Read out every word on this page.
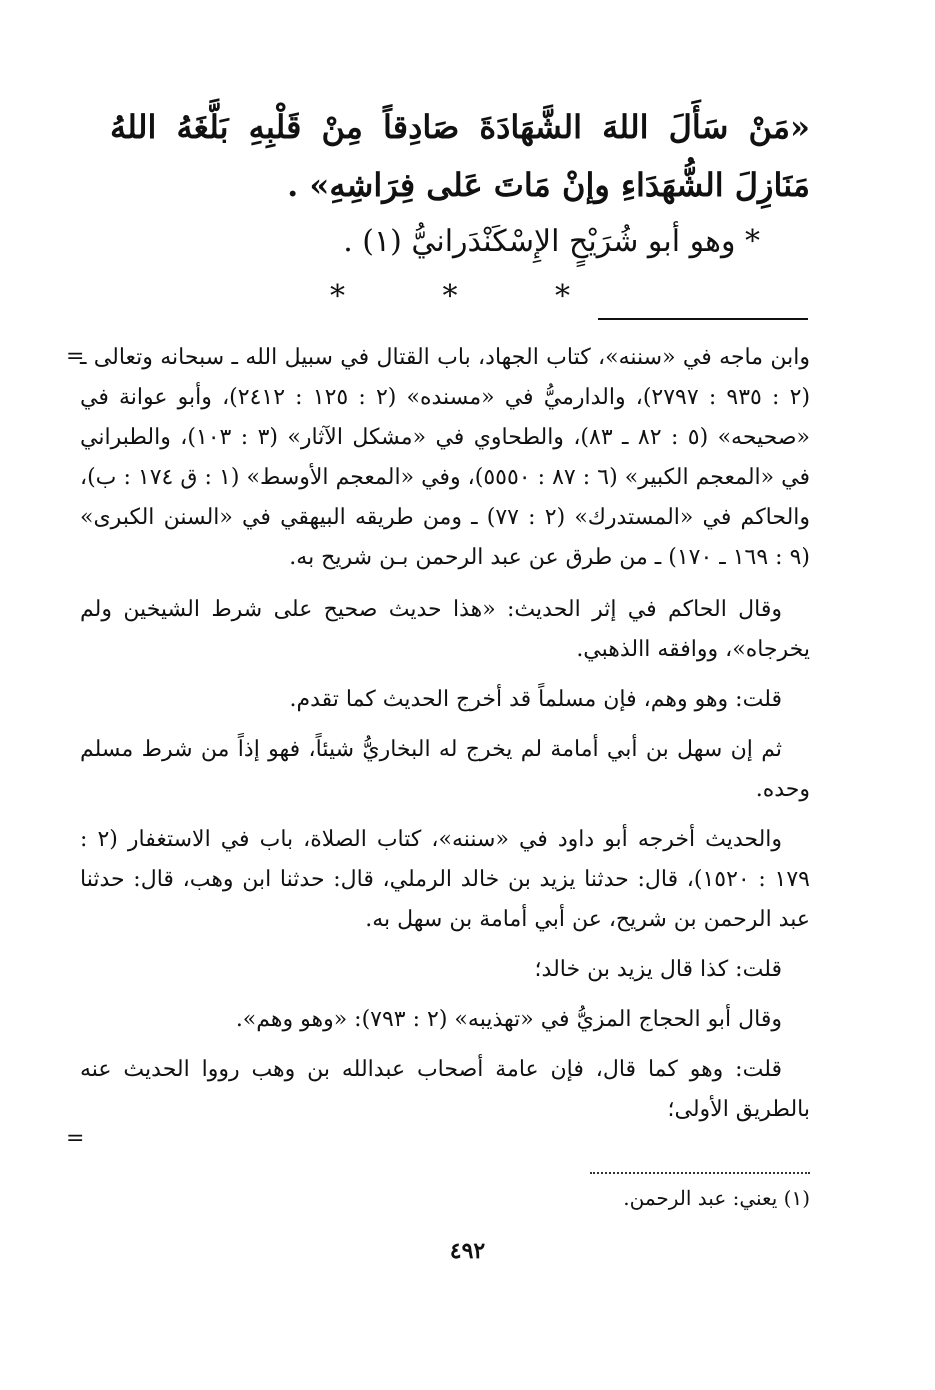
«مَنْ سَأَلَ اللهَ الشَّهَادَةَ صَادِقاً مِنْ قَلْبِهِ بَلَّغَهُ اللهُ مَنَازِلَ الشُّهَدَاءِ وإنْ مَاتَ عَلى فِرَاشِهِ» .
* وهو أبو شُرَيْحٍ الإِسْكَنْدَرانيُّ (١) .
*	*	*
=

وابن ماجه في «سننه»، كتاب الجهاد، باب القتال في سبيل الله ـ سبحانه وتعالى ـ (٢ : ٩٣٥ : ٢٧٩٧)، والدارميُّ في «مسنده» (٢ : ١٢٥ : ٢٤١٢)، وأبو عوانة في «صحيحه» (٥ : ٨٢ ـ ٨٣)، والطحاوي في «مشكل الآثار» (٣ : ١٠٣)، والطبراني في «المعجم الكبير» (٦ : ٨٧ : ٥٥٥٠)، وفي «المعجم الأوسط» (١ : ق ١٧٤ : ب)، والحاكم في «المستدرك» (٢ : ٧٧) ـ ومن طريقه البيهقي في «السنن الكبرى» (٩ : ١٦٩ ـ ١٧٠) ـ من طرق عن عبد الرحمن بـن شريح به.

وقال الحاكم في إثر الحديث: «هذا حديث صحيح على شرط الشيخين ولم يخرجاه»، ووافقه االذهبي.

قلت: وهو وهم، فإن مسلماً قد أخرج الحديث كما تقدم.

ثم إن سهل بن أبي أمامة لم يخرج له البخاريُّ شيئاً، فهو إذاً من شرط مسلم وحده.

والحديث أخرجه أبو داود في «سننه»، كتاب الصلاة، باب في الاستغفار (٢ : ١٧٩ : ١٥٢٠)، قال: حدثنا يزيد بن خالد الرملي، قال: حدثنا ابن وهب، قال: حدثنا عبد الرحمن بن شريح، عن أبي أمامة بن سهل به.

قلت: كذا قال يزيد بن خالد؛

وقال أبو الحجاج المزيُّ في «تهذيبه» (٢ : ٧٩٣): «وهو وهم».

قلت: وهو كما قال، فإن عامة أصحاب عبدالله بن وهب رووا الحديث عنه بالطريق الأولى؛

=
(١) يعني: عبد الرحمن.
٤٩٢
